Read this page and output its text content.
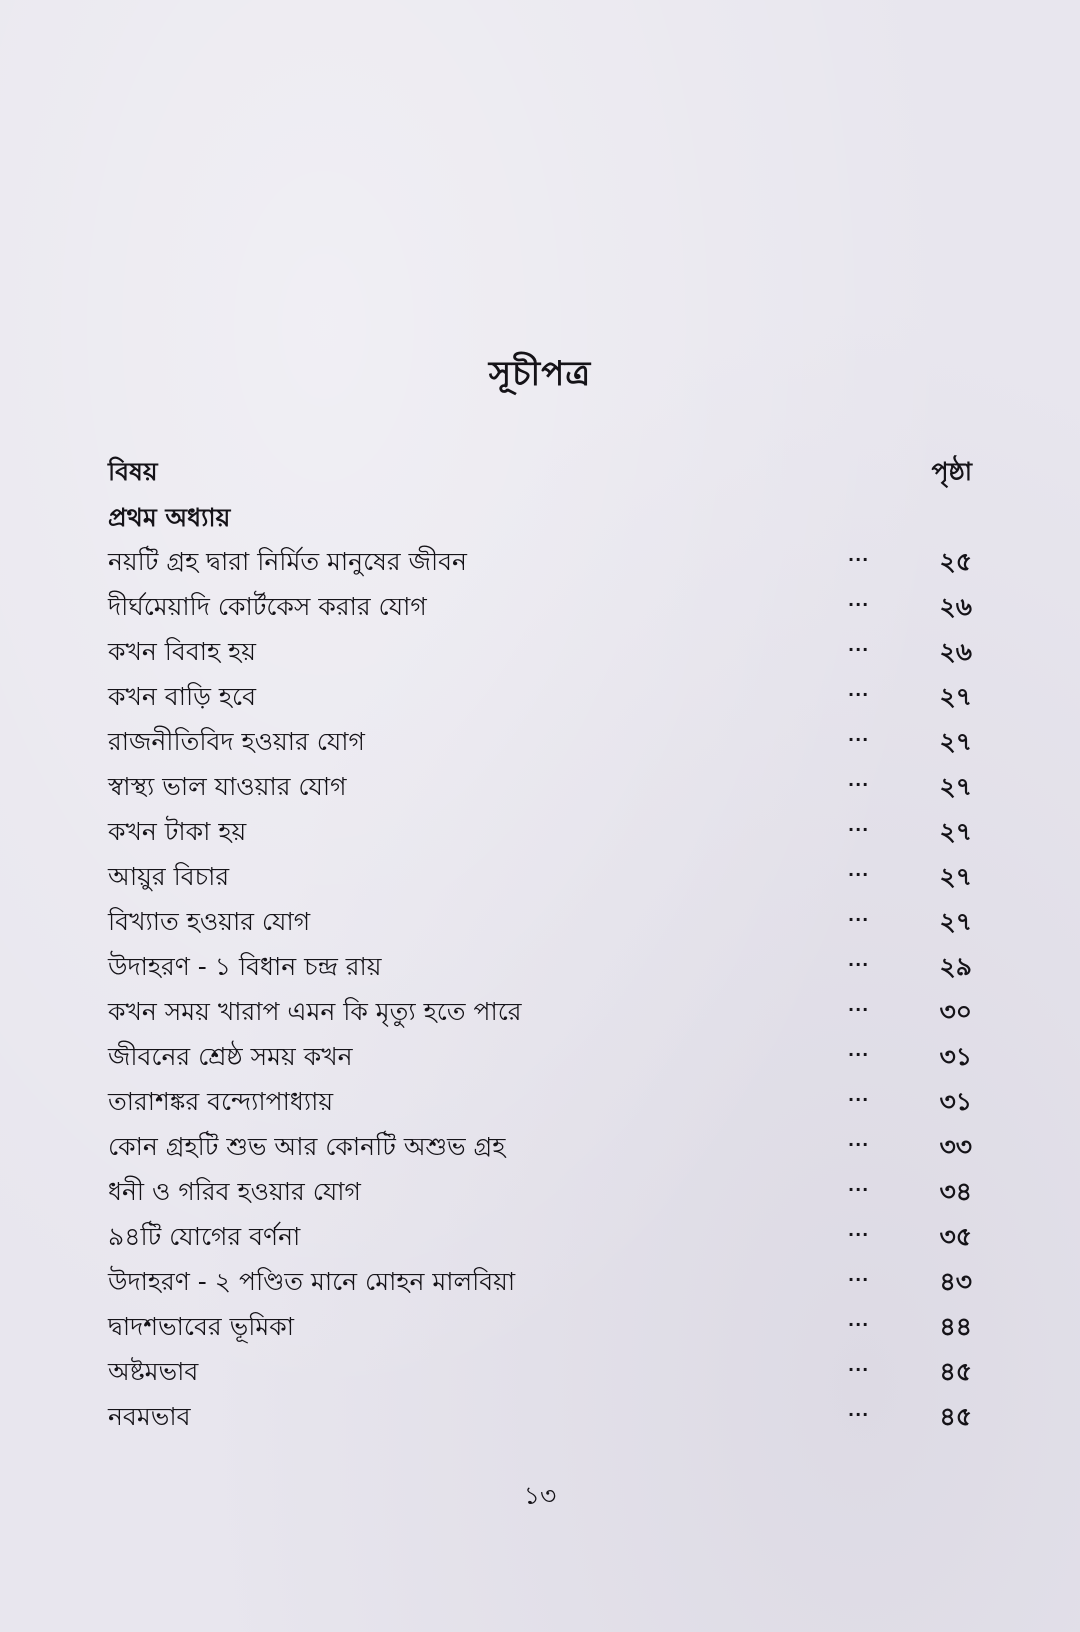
সূচীপত্র
বিষয়	পৃষ্ঠা
প্রথম অধ্যায়
নয়টি গ্রহ দ্বারা নির্মিত মানুষের জীবন	...	২৫
দীর্ঘমেয়াদি কোর্টকেস করার যোগ	...	২৬
কখন বিবাহ হয়	...	২৬
কখন বাড়ি হবে	...	২৭
রাজনীতিবিদ হওয়ার যোগ	...	২৭
স্বাস্থ্য ভাল যাওয়ার যোগ	...	২৭
কখন টাকা হয়	...	২৭
আয়ুর বিচার	...	২৭
বিখ্যাত হওয়ার যোগ	...	২৭
উদাহরণ - ১ বিধান চন্দ্র রায়	...	২৯
কখন সময় খারাপ এমন কি মৃত্যু হতে পারে	...	৩০
জীবনের শ্রেষ্ঠ সময় কখন	...	৩১
তারাশঙ্কর বন্দ্যোপাধ্যায়	...	৩১
কোন গ্রহটি শুভ আর কোনটি অশুভ গ্রহ	...	৩৩
ধনী ও গরিব হওয়ার যোগ	...	৩৪
৯৪টি যোগের বর্ণনা	...	৩৫
উদাহরণ - ২ পণ্ডিত মানে মোহন মালবিয়া	...	৪৩
দ্বাদশভাবের ভূমিকা	...	৪৪
অষ্টমভাব	...	৪৫
নবমভাব	...	৪৫
১৩
